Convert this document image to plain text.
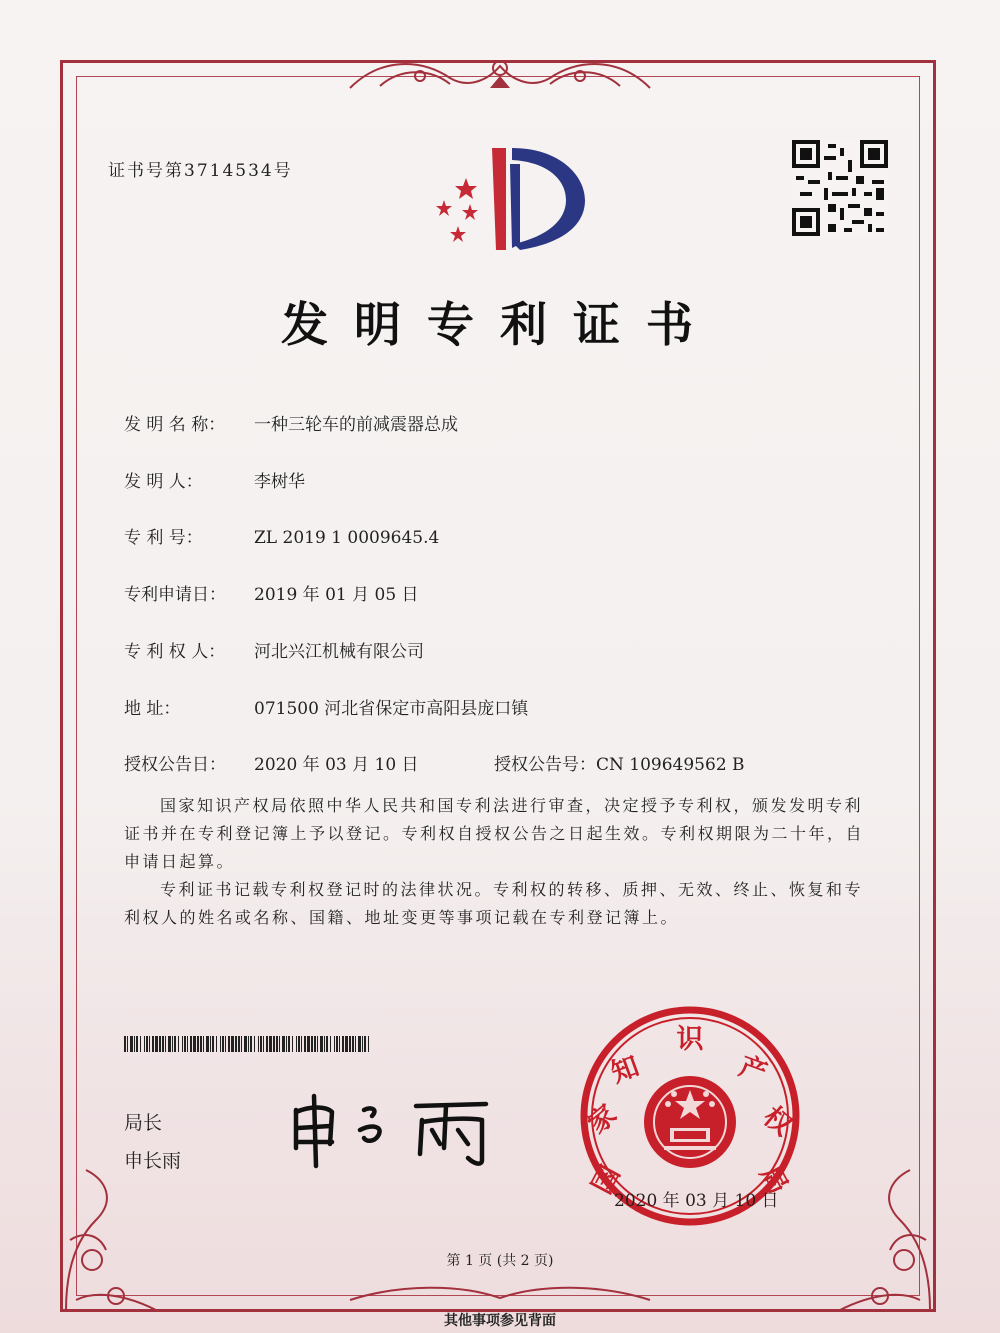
证书号第3714534号
发明专利证书
发 明 名 称： 一种三轮车的前减震器总成
发 明 人：	李树华
专 利 号：	ZL 2019 1 0009645.4
专利申请日： 2019 年 01 月 05 日
专 利 权 人： 河北兴江机械有限公司
地 址：	071500 河北省保定市高阳县庞口镇
授权公告日： 2020 年 03 月 10 日	授权公告号：CN 109649562 B
国家知识产权局依照中华人民共和国专利法进行审查，决定授予专利权，颁发发明专利证书并在专利登记簿上予以登记。专利权自授权公告之日起生效。专利权期限为二十年，自申请日起算。
专利证书记载专利权登记时的法律状况。专利权的转移、质押、无效、终止、恢复和专利权人的姓名或名称、国籍、地址变更等事项记载在专利登记簿上。
局长
申长雨	国
家
知
识
产
权
局
2020 年 03 月 10 日
第 1 页 (共 2 页)
其他事项参见背面
